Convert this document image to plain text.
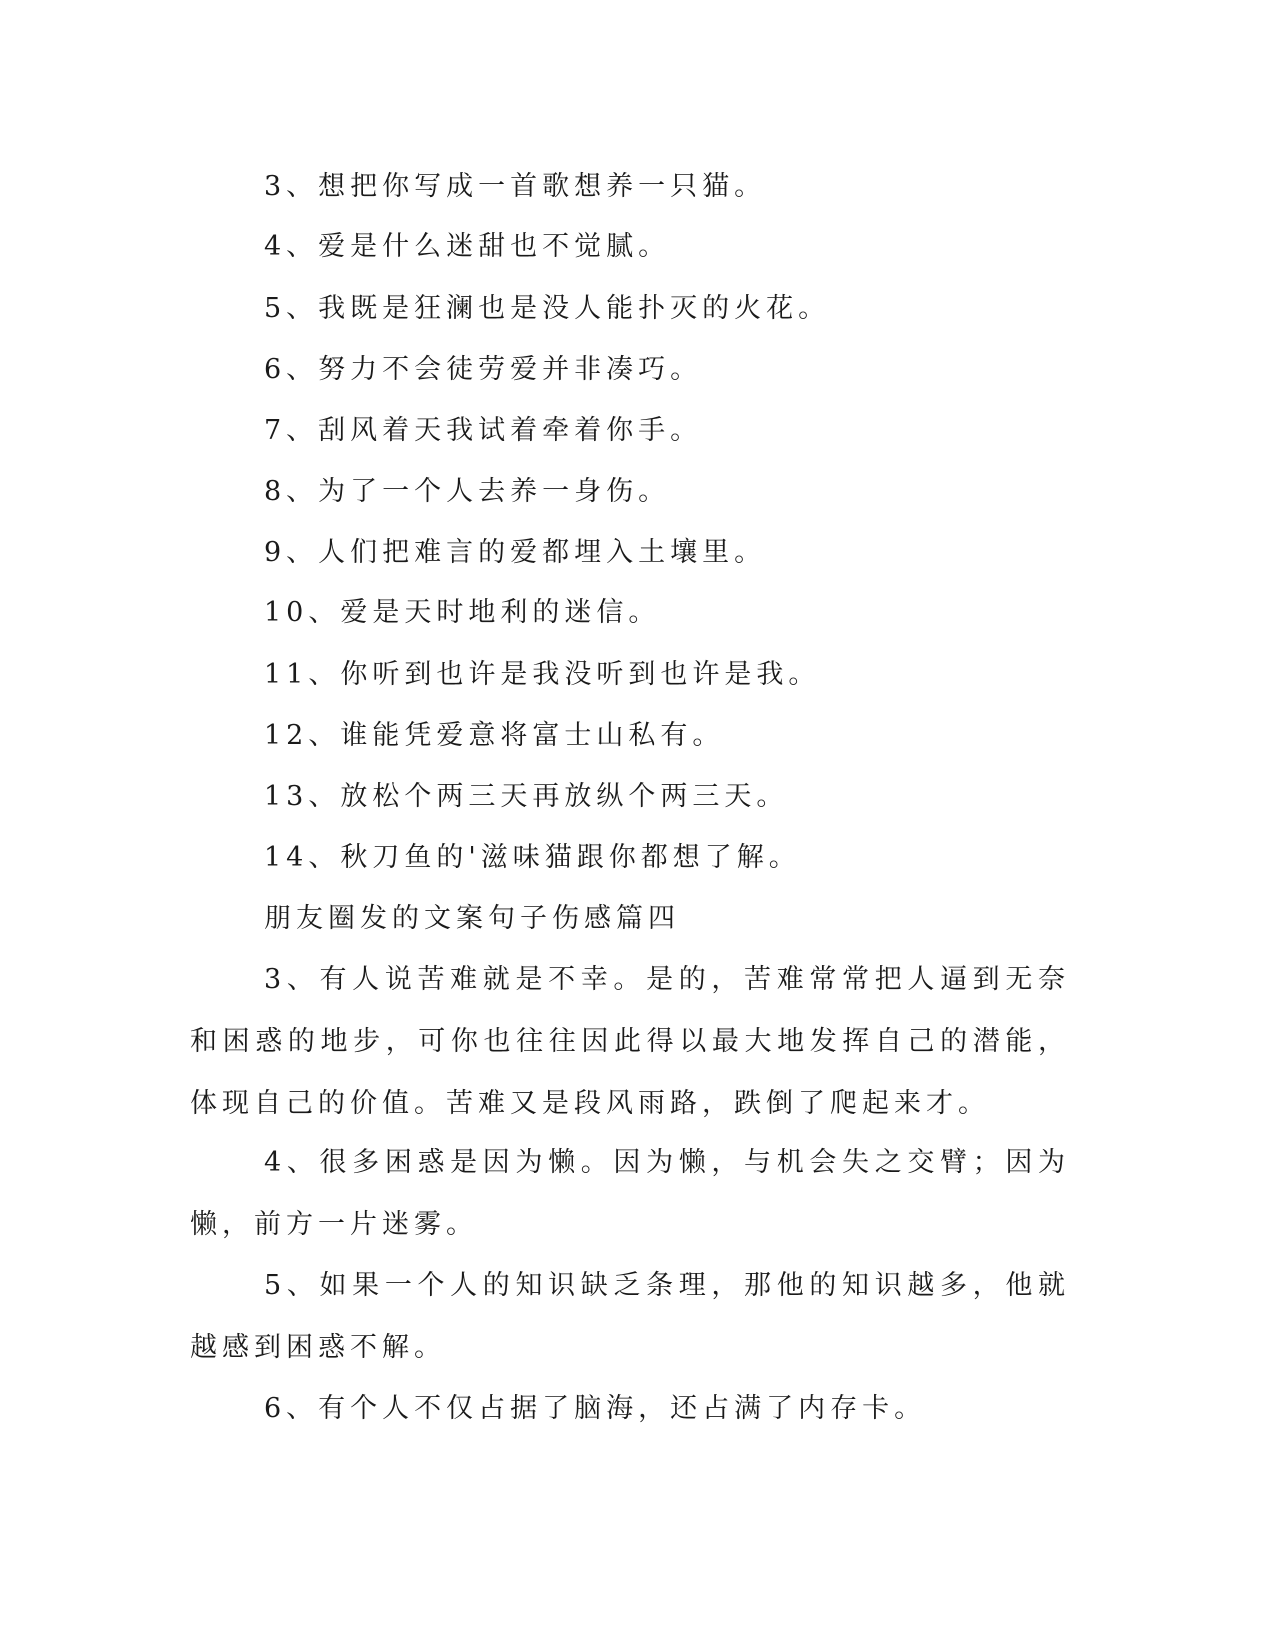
3、想把你写成一首歌想养一只猫。
4、爱是什么迷甜也不觉腻。
5、我既是狂澜也是没人能扑灭的火花。
6、努力不会徒劳爱并非凑巧。
7、刮风着天我试着牵着你手。
8、为了一个人去养一身伤。
9、人们把难言的爱都埋入土壤里。
10、爱是天时地利的迷信。
11、你听到也许是我没听到也许是我。
12、谁能凭爱意将富士山私有。
13、放松个两三天再放纵个两三天。
14、秋刀鱼的'滋味猫跟你都想了解。
朋友圈发的文案句子伤感篇四
3、有人说苦难就是不幸。是的，苦难常常把人逼到无奈和困惑的地步，可你也往往因此得以最大地发挥自己的潜能，体现自己的价值。苦难又是段风雨路，跌倒了爬起来才。
4、很多困惑是因为懒。因为懒，与机会失之交臂；因为懒，前方一片迷雾。
5、如果一个人的知识缺乏条理，那他的知识越多，他就越感到困惑不解。
6、有个人不仅占据了脑海，还占满了内存卡。
